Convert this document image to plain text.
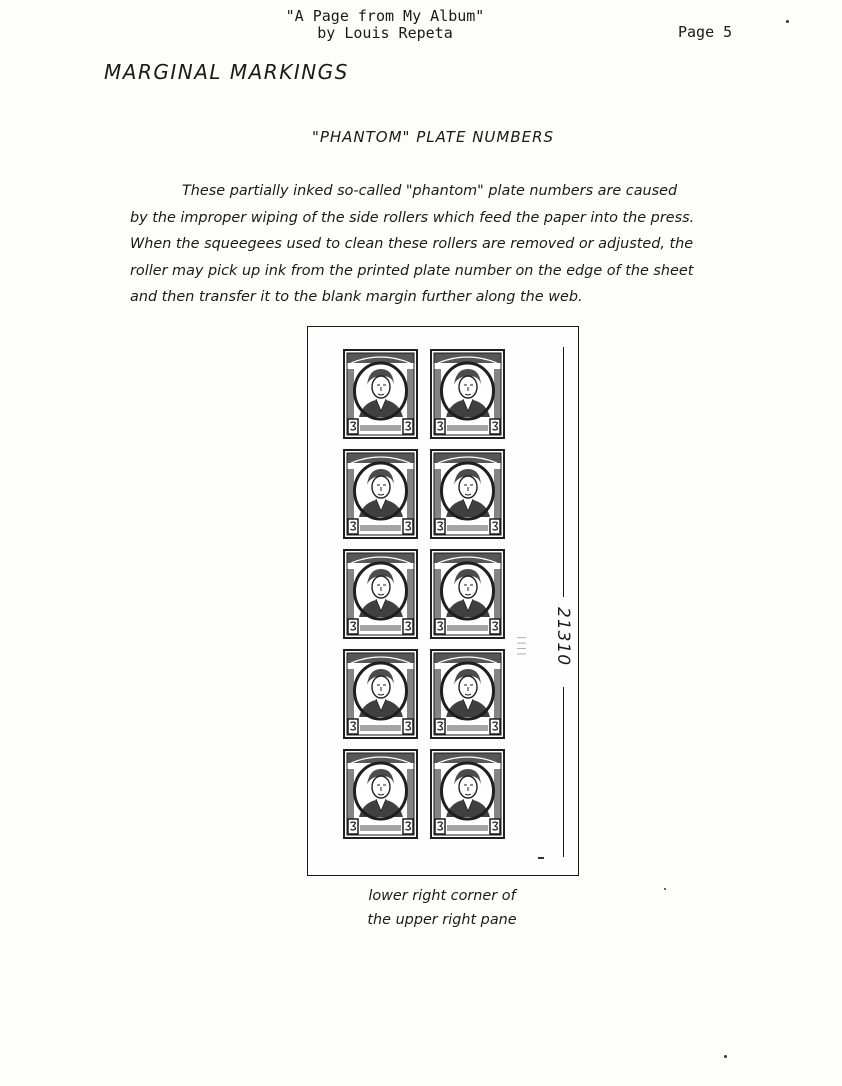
"A Page from My Album"
by Louis Repeta	Page 5
MARGINAL MARKINGS
"PHANTOM" PLATE NUMBERS

These partially inked so-called "phantom" plate numbers are caused
by the improper wiping of the side rollers which feed the paper into the press.
When the squeegees used to clean these rollers are removed or adjusted, the
roller may pick up ink from the printed plate number on the edge of the sheet
and then transfer it to the blank margin further along the web.

|||| 21310
lower right corner of
the upper right pane
